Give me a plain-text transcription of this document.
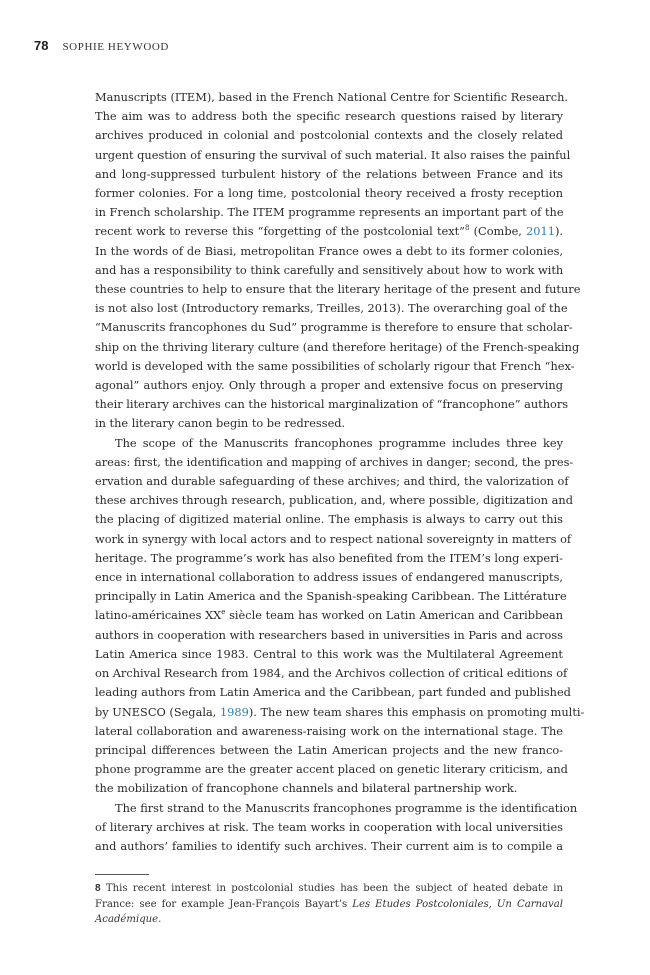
78 SOPHIE HEYWOOD
Manuscripts (ITEM), based in the French National Centre for Scientific Research.
The aim was to address both the specific research questions raised by literary
archives produced in colonial and postcolonial contexts and the closely related
urgent question of ensuring the survival of such material. It also raises the painful
and long-suppressed turbulent history of the relations between France and its
former colonies. For a long time, postcolonial theory received a frosty reception
in French scholarship. The ITEM programme represents an important part of the
recent work to reverse this “forgetting of the postcolonial text”$^8$ (Combe, 2011).
In the words of de Biasi, metropolitan France owes a debt to its former colonies,
and has a responsibility to think carefully and sensitively about how to work with
these countries to help to ensure that the literary heritage of the present and future
is not also lost (Introductory remarks, Treilles, 2013). The overarching goal of the
“Manuscrits francophones du Sud” programme is therefore to ensure that scholar-
ship on the thriving literary culture (and therefore heritage) of the French-speaking
world is developed with the same possibilities of scholarly rigour that French “hex-
agonal” authors enjoy. Only through a proper and extensive focus on preserving
their literary archives can the historical marginalization of “francophone” authors
in the literary canon begin to be redressed.
The scope of the Manuscrits francophones programme includes three key
areas: first, the identification and mapping of archives in danger; second, the pres-
ervation and durable safeguarding of these archives; and third, the valorization of
these archives through research, publication, and, where possible, digitization and
the placing of digitized material online. The emphasis is always to carry out this
work in synergy with local actors and to respect national sovereignty in matters of
heritage. The programme’s work has also benefited from the ITEM’s long experi-
ence in international collaboration to address issues of endangered manuscripts,
principally in Latin America and the Spanish-speaking Caribbean. The Littérature
latino-américaines XXe siècle team has worked on Latin American and Caribbean
authors in cooperation with researchers based in universities in Paris and across
Latin America since 1983. Central to this work was the Multilateral Agreement
on Archival Research from 1984, and the Archivos collection of critical editions of
leading authors from Latin America and the Caribbean, part funded and published
by UNESCO (Segala, 1989). The new team shares this emphasis on promoting multi-
lateral collaboration and awareness-raising work on the international stage. The
principal differences between the Latin American projects and the new franco-
phone programme are the greater accent placed on genetic literary criticism, and
the mobilization of francophone channels and bilateral partnership work.
The first strand to the Manuscrits francophones programme is the identification
of literary archives at risk. The team works in cooperation with local universities
and authors’ families to identify such archives. Their current aim is to compile a
8 This recent interest in postcolonial studies has been the subject of heated debate in
France: see for example Jean-François Bayart’s Les Etudes Postcoloniales, Un Carnaval
Académique.
